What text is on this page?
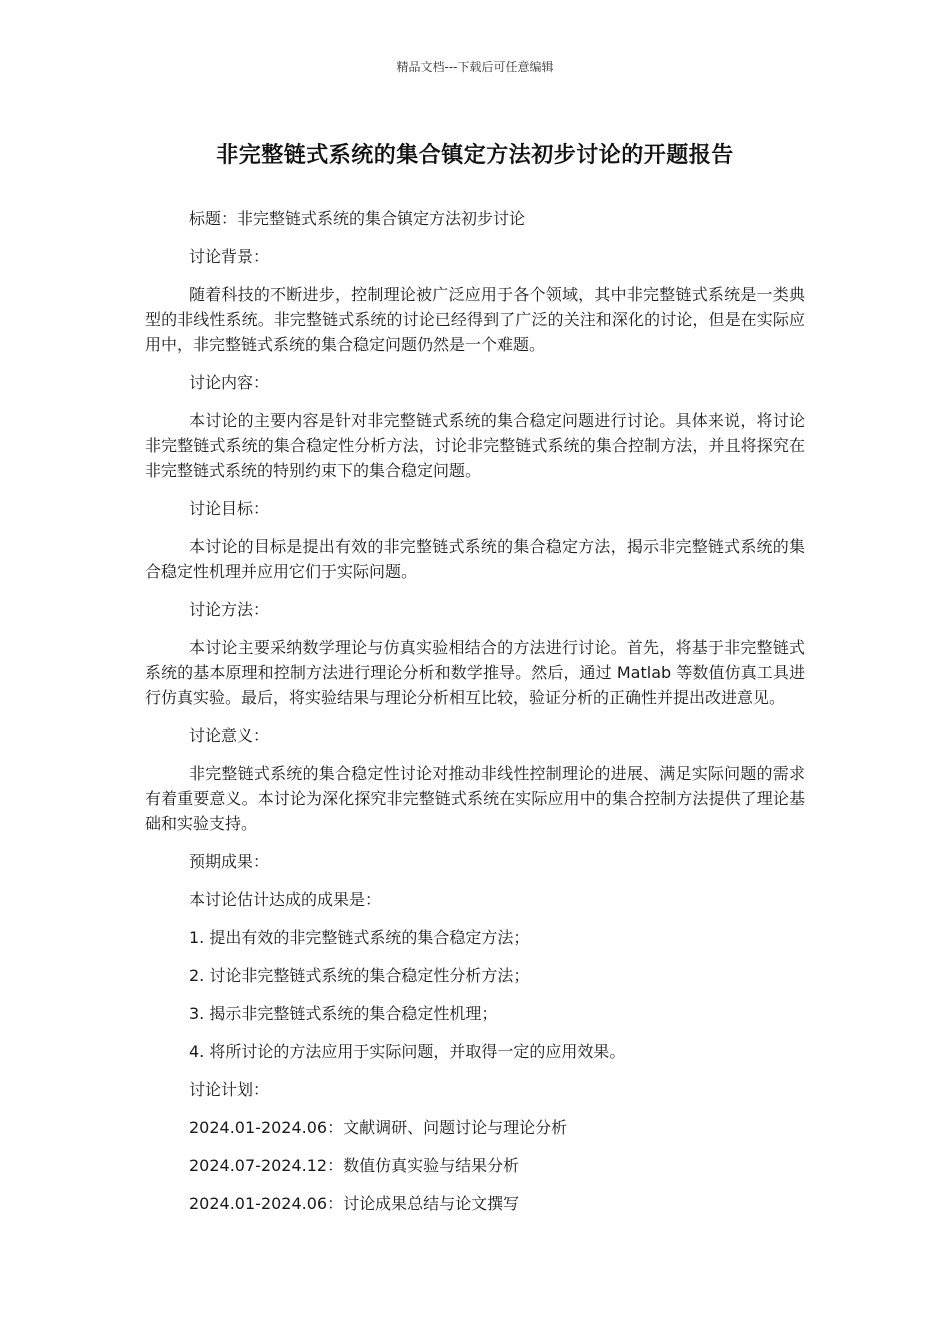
精品文档---下载后可任意编辑
非完整链式系统的集合镇定方法初步讨论的开题报告

标题：非完整链式系统的集合镇定方法初步讨论

讨论背景：

随着科技的不断进步，控制理论被广泛应用于各个领域，其中非完整链式系统是一类典型的非线性系统。非完整链式系统的讨论已经得到了广泛的关注和深化的讨论，但是在实际应用中，非完整链式系统的集合稳定问题仍然是一个难题。

讨论内容：

本讨论的主要内容是针对非完整链式系统的集合稳定问题进行讨论。具体来说，将讨论非完整链式系统的集合稳定性分析方法，讨论非完整链式系统的集合控制方法，并且将探究在非完整链式系统的特别约束下的集合稳定问题。

讨论目标：

本讨论的目标是提出有效的非完整链式系统的集合稳定方法，揭示非完整链式系统的集合稳定性机理并应用它们于实际问题。

讨论方法：

本讨论主要采纳数学理论与仿真实验相结合的方法进行讨论。首先，将基于非完整链式系统的基本原理和控制方法进行理论分析和数学推导。然后，通过 Matlab 等数值仿真工具进行仿真实验。最后，将实验结果与理论分析相互比较，验证分析的正确性并提出改进意见。

讨论意义：

非完整链式系统的集合稳定性讨论对推动非线性控制理论的进展、满足实际问题的需求有着重要意义。本讨论为深化探究非完整链式系统在实际应用中的集合控制方法提供了理论基础和实验支持。

预期成果：

本讨论估计达成的成果是：

1. 提出有效的非完整链式系统的集合稳定方法；

2. 讨论非完整链式系统的集合稳定性分析方法；

3. 揭示非完整链式系统的集合稳定性机理；

4. 将所讨论的方法应用于实际问题，并取得一定的应用效果。

讨论计划：

2024.01-2024.06：文献调研、问题讨论与理论分析

2024.07-2024.12：数值仿真实验与结果分析

2024.01-2024.06：讨论成果总结与论文撰写
